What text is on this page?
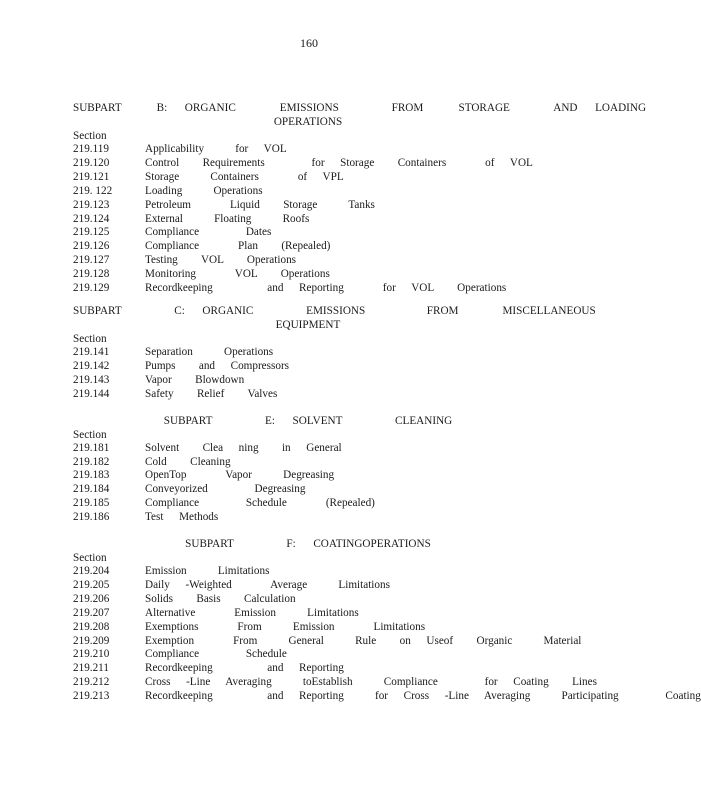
160
SUBPART    B:  ORGANIC     EMISSIONS      FROM    STORAGE     AND  LOADING
OPERATIONS
Section
219.119	Applicability    for  VOL
219.120	Control   Requirements      for  Storage   Containers     of  VOL
219.121	Storage    Containers     of  VPL
219. 122	Loading    Operations
219.123	Petroleum     Liquid   Storage    Tanks
219.124	External    Floating    Roofs
219.125	Compliance      Dates
219.126	Compliance     Plan   (Repealed)
219.127	Testing   VOL   Operations
219.128	Monitoring     VOL   Operations
219.129	Recordkeeping       and  Reporting     for  VOL   Operations
SUBPART      C:  ORGANIC      EMISSIONS       FROM     MISCELLANEOUS
EQUIPMENT
Section
219.141	Separation    Operations
219.142	Pumps   and  Compressors
219.143	Vapor   Blowdown
219.144	Safety   Relief   Valves
SUBPART      E:  SOLVENT      CLEANING
Section
219.181	Solvent   Clea  ning   in  General
219.182	Cold   Cleaning
219.183	OpenTop     Vapor    Degreasing
219.184	Conveyorized      Degreasing
219.185	Compliance      Schedule     (Repealed)
219.186	Test  Methods
SUBPART      F:  COATINGOPERATIONS
Section
219.204	Emission    Limitations
219.205	Daily  -Weighted     Average    Limitations
219.206	Solids   Basis   Calculation
219.207	Alternative     Emission    Limitations
219.208	Exemptions     From    Emission     Limitations
219.209	Exemption     From    General    Rule   on  Useof   Organic    Material
219.210	Compliance      Schedule
219.211	Recordkeeping       and  Reporting
219.212	Cross  -Line  Averaging    toEstablish    Compliance      for  Coating   Lines
219.213	Recordkeeping       and  Reporting    for  Cross  -Line  Averaging    Participating      Coating
